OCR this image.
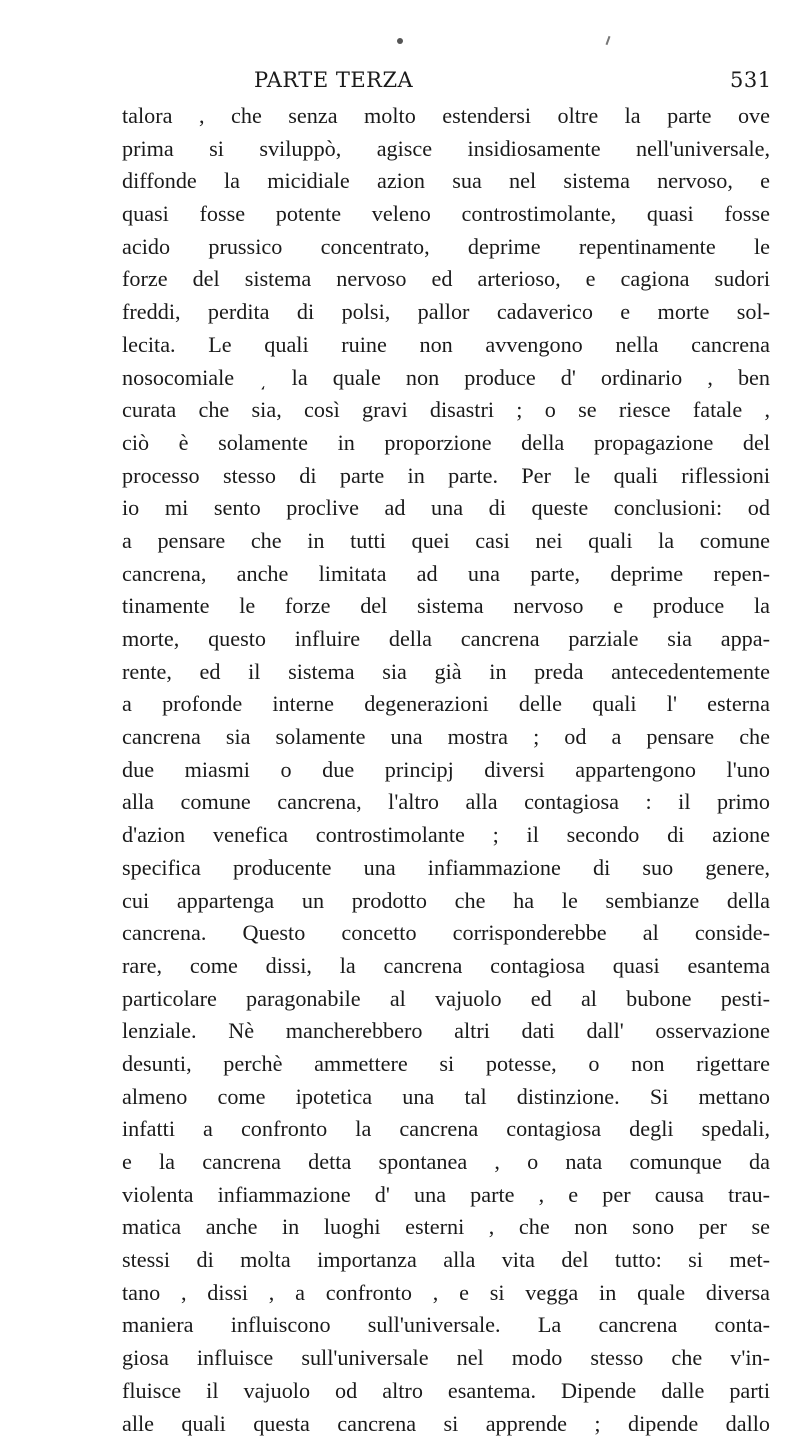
PARTE TERZA	531
talora , che senza molto estendersi oltre la parte ove
prima si sviluppò, agisce insidiosamente nell'universale,
diffonde la micidiale azion sua nel sistema nervoso, e
quasi fosse potente veleno controstimolante, quasi fosse
acido prussico concentrato, deprime repentinamente le
forze del sistema nervoso ed arterioso, e cagiona sudori
freddi, perdita di polsi, pallor cadaverico e morte sol-
lecita. Le quali ruine non avvengono nella cancrena
nosocomiale ͵ la quale non produce d' ordinario , ben
curata che sia, così gravi disastri ; o se riesce fatale ,
ciò è solamente in proporzione della propagazione del
processo stesso di parte in parte. Per le quali riflessioni
io mi sento proclive ad una di queste conclusioni: od
a pensare che in tutti quei casi nei quali la comune
cancrena, anche limitata ad una parte, deprime repen-
tinamente le forze del sistema nervoso e produce la
morte, questo influire della cancrena parziale sia appa-
rente, ed il sistema sia già in preda antecedentemente
a profonde interne degenerazioni delle quali l' esterna
cancrena sia solamente una mostra ; od a pensare che
due miasmi o due principj diversi appartengono l'uno
alla comune cancrena, l'altro alla contagiosa : il primo
d'azion venefica controstimolante ; il secondo di azione
specifica producente una infiammazione di suo genere,
cui appartenga un prodotto che ha le sembianze della
cancrena. Questo concetto corrisponderebbe al conside-
rare, come dissi, la cancrena contagiosa quasi esantema
particolare paragonabile al vajuolo ed al bubone pesti-
lenziale. Nè mancherebbero altri dati dall' osservazione
desunti, perchè ammettere si potesse, o non rigettare
almeno come ipotetica una tal distinzione. Si mettano
infatti a confronto la cancrena contagiosa degli spedali,
e la cancrena detta spontanea , o nata comunque da
violenta infiammazione d' una parte , e per causa trau-
matica anche in luoghi esterni , che non sono per se
stessi di molta importanza alla vita del tutto: si met-
tano , dissi , a confronto , e si vegga in quale diversa
maniera influiscono sull'universale. La cancrena conta-
giosa influisce sull'universale nel modo stesso che v'in-
fluisce il vajuolo od altro esantema. Dipende dalle parti
alle quali questa cancrena si apprende ; dipende dallo
